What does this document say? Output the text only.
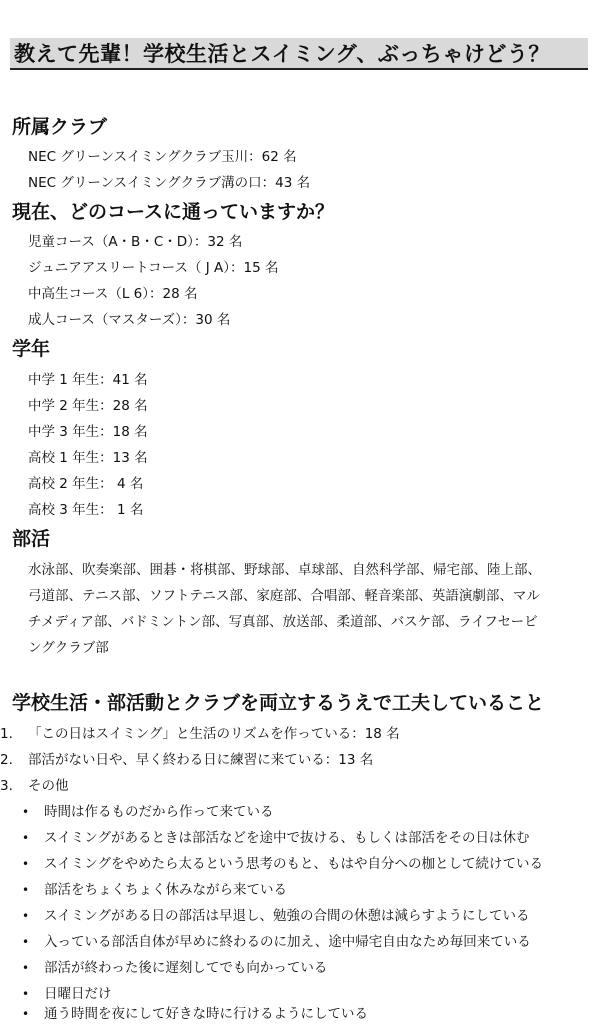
教えて先輩！学校生活とスイミング、ぶっちゃけどう？
所属クラブ
NEC グリーンスイミングクラブ玉川：62 名
NEC グリーンスイミングクラブ溝の口：43 名
現在、どのコースに通っていますか？
児童コース（A・B・C・D）：32 名
ジュニアアスリートコース（ J A）：15 名
中高生コース（L 6）：28 名
成人コース（マスターズ）：30 名
学年
中学 1 年生：41 名
中学 2 年生：28 名
中学 3 年生：18 名
高校 1 年生：13 名
高校 2 年生： 4 名
高校 3 年生： 1 名
部活
水泳部、吹奏楽部、囲碁・将棋部、野球部、卓球部、自然科学部、帰宅部、陸上部、
弓道部、テニス部、ソフトテニス部、家庭部、合唱部、軽音楽部、英語演劇部、マル
チメディア部、バドミントン部、写真部、放送部、柔道部、バスケ部、ライフセービ
ングクラブ部
学校生活・部活動とクラブを両立するうえで工夫していること
1. 「この日はスイミング」と生活のリズムを作っている：18 名
2. 部活がない日や、早く終わる日に練習に来ている：13 名
3. その他
• 時間は作るものだから作って来ている
• スイミングがあるときは部活などを途中で抜ける、もしくは部活をその日は休む
• スイミングをやめたら太るという思考のもと、もはや自分への枷として続けている
• 部活をちょくちょく休みながら来ている
• スイミングがある日の部活は早退し、勉強の合間の休憩は減らすようにしている
• 入っている部活自体が早めに終わるのに加え、途中帰宅自由なため毎回来ている
• 部活が終わった後に遅刻してでも向かっている
• 日曜日だけ
• 通う時間を夜にして好きな時に行けるようにしている
